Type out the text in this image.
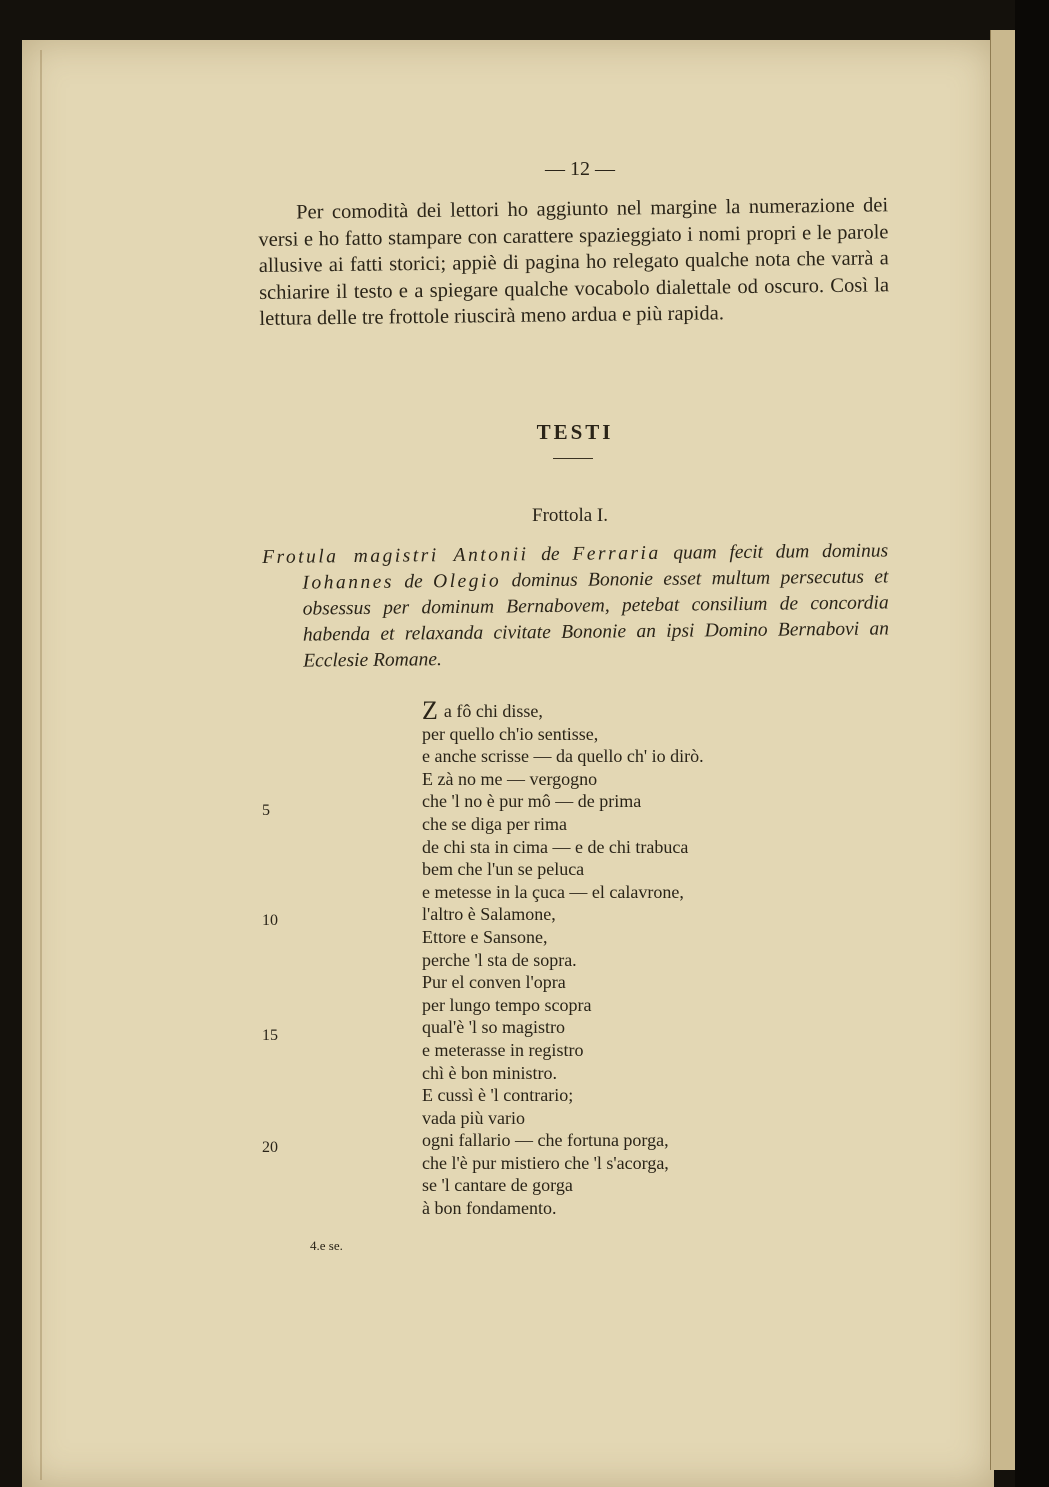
— 12 —
Per comodità dei lettori ho aggiunto nel margine la numerazione dei versi e ho fatto stampare con carattere spazieggiato i nomi propri e le parole allusive ai fatti storici; appiè di pagina ho relegato qualche nota che varrà a schiarire il testo e a spiegare qualche vocabolo dialettale od oscuro. Così la lettura delle tre frottole riuscirà meno ardua e più rapida.
TESTI
Frottola I.
Frotula magistri Antonii de Ferraria quam fecit dum dominus Iohannes de Olegio dominus Bononie esset multum persecutus et obsessus per dominum Bernabovem, petebat consilium de concordia habenda et relaxanda civitate Bononie an ipsi Domino Bernabovi an Ecclesie Romane.
Z a fô chi disse,
per quello ch'io sentisse,
e anche scrisse — da quello ch' io dirò.
E zà no me — vergogno
che 'l no è pur mô — de prima
che se diga per rima
de chi sta in cima — e de chi trabuca
bem che l'un se peluca
e metesse in la çuca — el calavrone,
l'altro è Salamone,
Ettore e Sansone,
perche 'l sta de sopra.
Pur el conven l'opra
per lungo tempo scopra
qual'è 'l so magistro
e meterasse in registro
chì è bon ministro.
E cussì è 'l contrario;
vada più vario
ogni fallario — che fortuna porga,
che l'è pur mistiero che 'l s'acorga,
se 'l cantare de gorga
à bon fondamento.
5
10
15
20
4.e se.
